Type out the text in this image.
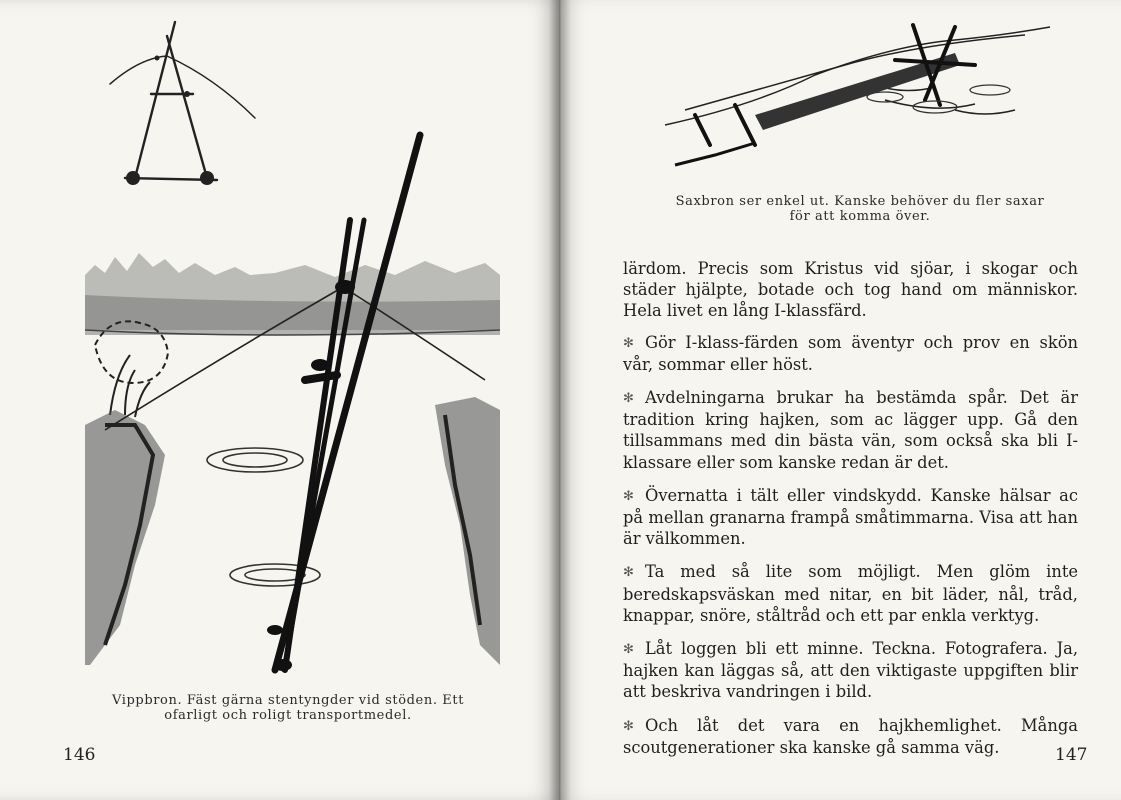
Vippbron. Fäst gärna stentyngder vid stöden. Ett ofarligt och roligt transportmedel.
146
Saxbron ser enkel ut. Kanske behöver du fler saxar för att komma över.
147

lärdom. Precis som Kristus vid sjöar, i skogar och städer hjälpte, botade och tog hand om människor. Hela livet en lång I-klassfärd.

✻ Gör I-klass-färden som äventyr och prov en skön vår, sommar eller höst.

✻ Avdelningarna brukar ha bestämda spår. Det är tradition kring hajken, som ac lägger upp. Gå den tillsammans med din bästa vän, som också ska bli I-klassare eller som kanske redan är det.

✻ Övernatta i tält eller vindskydd. Kanske hälsar ac på mellan granarna frampå småtimmarna. Visa att han är välkommen.

✻ Ta med så lite som möjligt. Men glöm inte beredskapsväskan med nitar, en bit läder, nål, tråd, knappar, snöre, ståltråd och ett par enkla verktyg.

✻ Låt loggen bli ett minne. Teckna. Fotografera. Ja, hajken kan läggas så, att den viktigaste uppgiften blir att beskriva vandringen i bild.

✻ Och låt det vara en hajkhemlighet. Många scoutgenerationer ska kanske gå samma väg.
